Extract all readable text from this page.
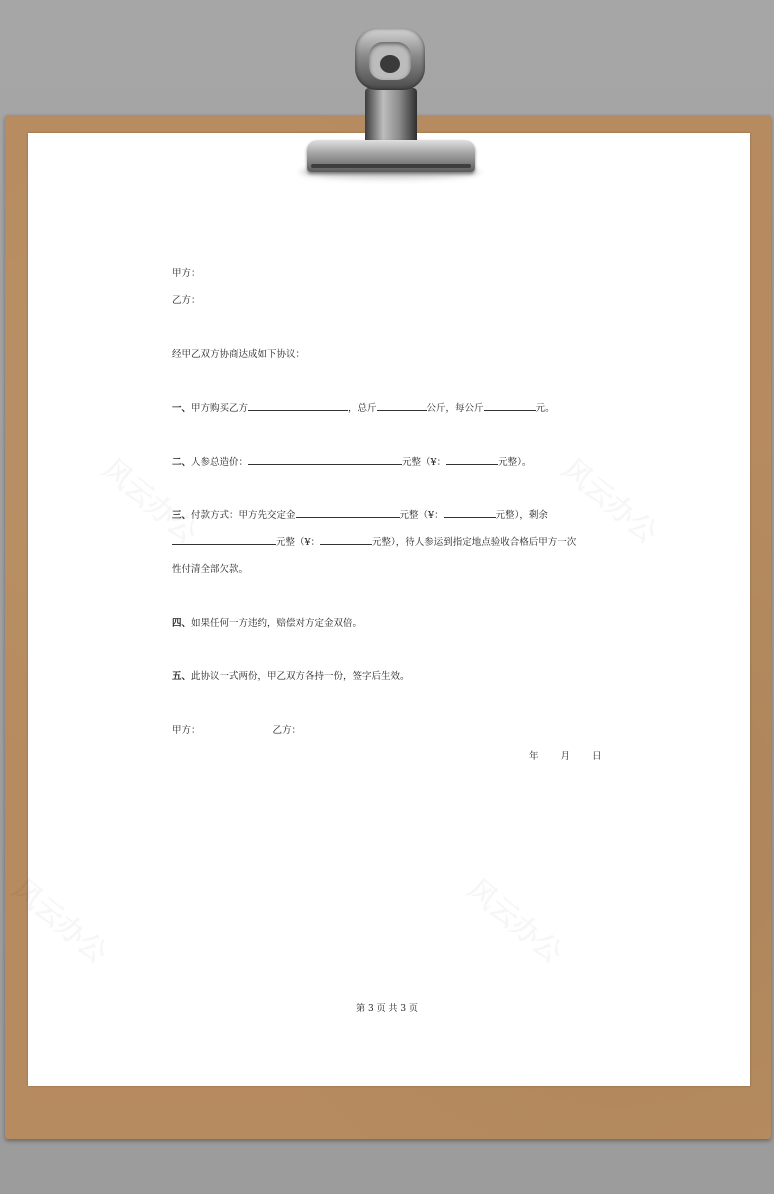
甲方：
乙方：
经甲乙双方协商达成如下协议：
一、甲方购买乙方	，总斤	公斤，每公斤	元。
二、人参总造价：	元整（¥：	元整）。
三、付款方式：甲方先交定金	元整（¥：	元整），剩余
元整（¥：	元整），待人参运到指定地点验收合格后甲方一次
性付清全部欠款。
四、如果任何一方违约，赔偿对方定金双倍。
五、此协议一式两份，甲乙双方各持一份，签字后生效。
甲方：	乙方：
年 月 日
第 3 页 共 3 页
